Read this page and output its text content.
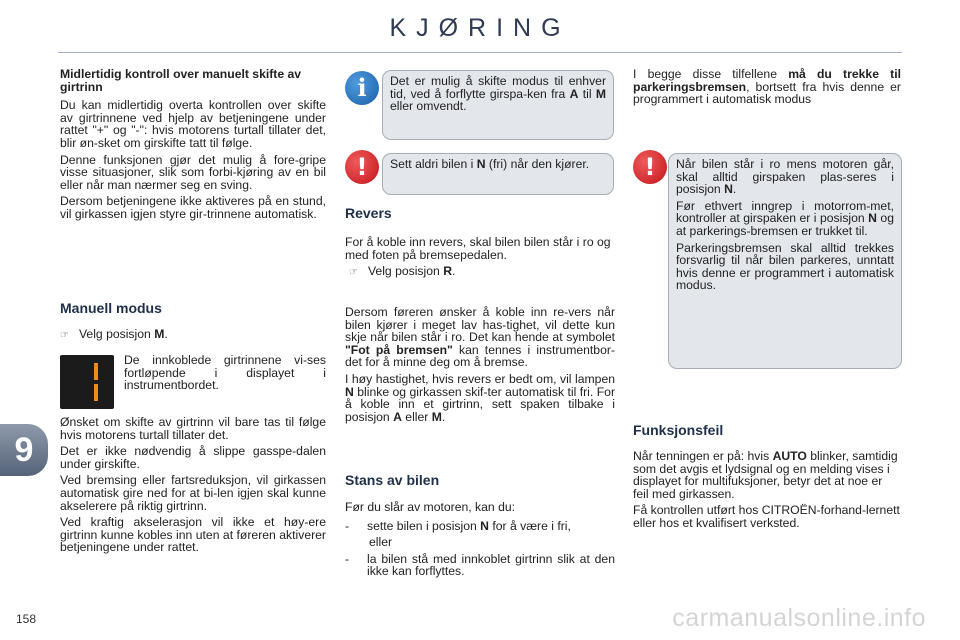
KJØRING
9
158	carmanualsonline.info
Midlertidig kontroll over manuelt skifte av girtrinn

Du kan midlertidig overta kontrollen over skifte av girtrinnene ved hjelp av betjeningene under rattet "+" og "-": hvis motorens turtall tillater det, blir øn-sket om girskifte tatt til følge.

Denne funksjonen gjør det mulig å fore-gripe visse situasjoner, slik som forbi-kjøring av en bil eller når man nærmer seg en sving.

Dersom betjeningene ikke aktiveres på en stund, vil girkassen igjen styre gir-trinnene automatisk.

Manuell modus
☞ Velg posisjon M.

De innkoblede girtrinnene vi-ses fortløpende i displayet i instrumentbordet.

Ønsket om skifte av girtrinn vil bare tas til følge hvis motorens turtall tillater det.

Det er ikke nødvendig å slippe gasspe-dalen under girskifte.

Ved bremsing eller fartsreduksjon, vil girkassen automatisk gire ned for at bi-len igjen skal kunne akselerere på riktig girtrinn.

Ved kraftig akselerasjon vil ikke et høy-ere girtrinn kunne kobles inn uten at føreren aktiverer betjeningene under rattet.

i	Det er mulig å skifte modus til enhver tid, ved å forflytte girspa-ken fra A til M eller omvendt.

!	Sett aldri bilen i N (fri) når den kjører.

Revers

For å koble inn revers, skal bilen bilen står i ro og med foten på bremsepedalen.

☞ Velg posisjon R.

Dersom føreren ønsker å koble inn re-vers når bilen kjører i meget lav has-tighet, vil dette kun skje når bilen står i ro. Det kan hende at symbolet "Fot på bremsen" kan tennes i instrumentbor-det for å minne deg om å bremse.

I høy hastighet, hvis revers er bedt om, vil lampen N blinke og girkassen skif-ter automatisk til fri. For å koble inn et girtrinn, sett spaken tilbake i posisjon A eller M.

Stans av bilen

Før du slår av motoren, kan du:

-	sette bilen i posisjon N for å være i fri,
eller
-	la bilen stå med innkoblet girtrinn slik at den ikke kan forflyttes.

I begge disse tilfellene må du trekke til parkeringsbremsen, bortsett fra hvis denne er programmert i automatisk modus

!	Når bilen står i ro mens motoren går, skal alltid girspaken plas-seres i posisjon N.

Før ethvert inngrep i motorrom-met, kontroller at girspaken er i posisjon N og at parkerings-bremsen er trukket til.

Parkeringsbremsen skal alltid trekkes forsvarlig til når bilen parkeres, unntatt hvis denne er programmert i automatisk modus.

Funksjonsfeil

Når tenningen er på: hvis AUTO blinker, samtidig som det avgis et lydsignal og en melding vises i displayet for multifuksjoner, betyr det at noe er feil med girkassen.

Få kontrollen utført hos CITROËN-forhand-lernett eller hos et kvalifisert verksted.
